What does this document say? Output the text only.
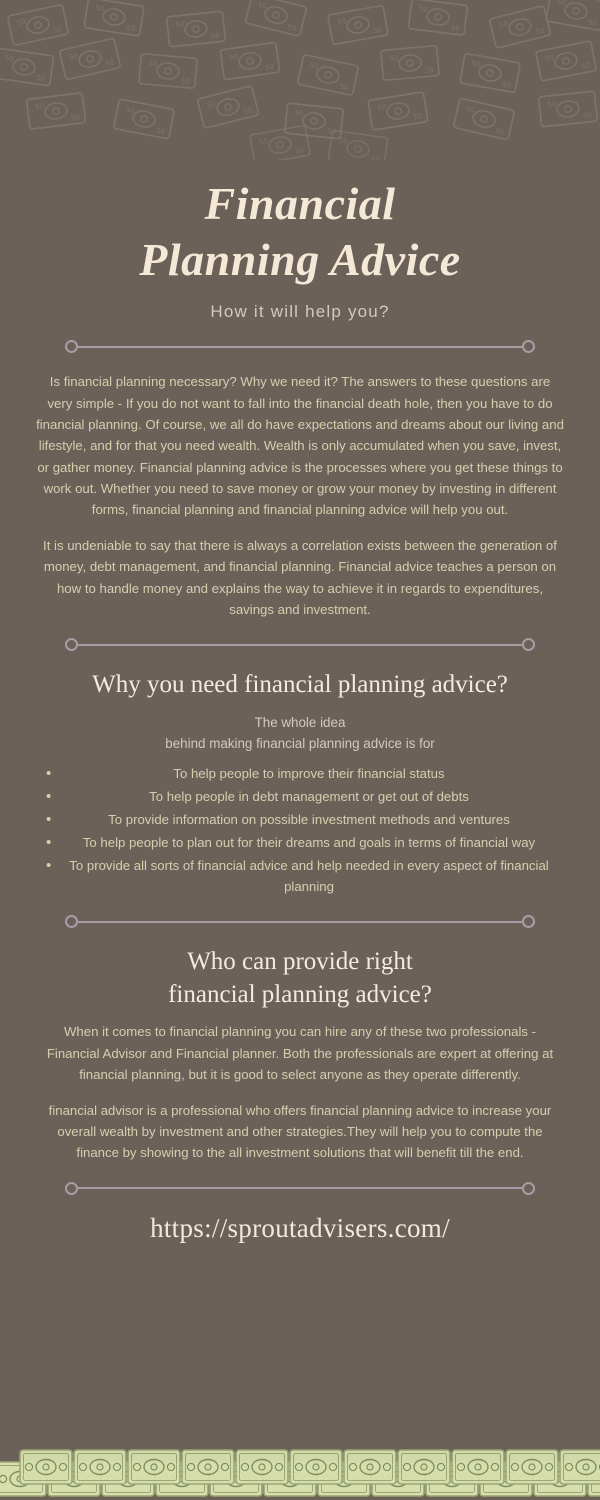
50
50
Financial
Planning Advice
How it will help you?

Is financial planning necessary? Why we need it? The answers to these questions are very simple - If you do not want to fall into the financial death hole, then you have to do financial planning. Of course, we all do have expectations and dreams about our living and lifestyle, and for that you need wealth. Wealth is only accumulated when you save, invest, or gather money. Financial planning advice is the processes where you get these things to work out. Whether you need to save money or grow your money by investing in different forms, financial planning and financial planning advice will help you out.

It is undeniable to say that there is always a correlation exists between the generation of money, debt management, and financial planning. Financial advice teaches a person on how to handle money and explains the way to achieve it in regards to expenditures, savings and investment.

Why you need financial planning advice?

The whole idea
behind making financial planning advice is for

• To help people to improve their financial status
• To help people in debt management or get out of debts
• To provide information on possible investment methods and ventures
• To help people to plan out for their dreams and goals in terms of financial way
• To provide all sorts of financial advice and help needed in every aspect of financial planning
Who can provide right
financial planning advice?

When it comes to financial planning you can hire any of these two professionals - Financial Advisor and Financial planner. Both the professionals are expert at offering at financial planning, but it is good to select anyone as they operate differently.

financial advisor is a professional who offers financial planning advice to increase your overall wealth by investment and other strategies.They will help you to compute the finance by showing to the all investment solutions that will benefit till the end.

https://sproutadvisers.com/
